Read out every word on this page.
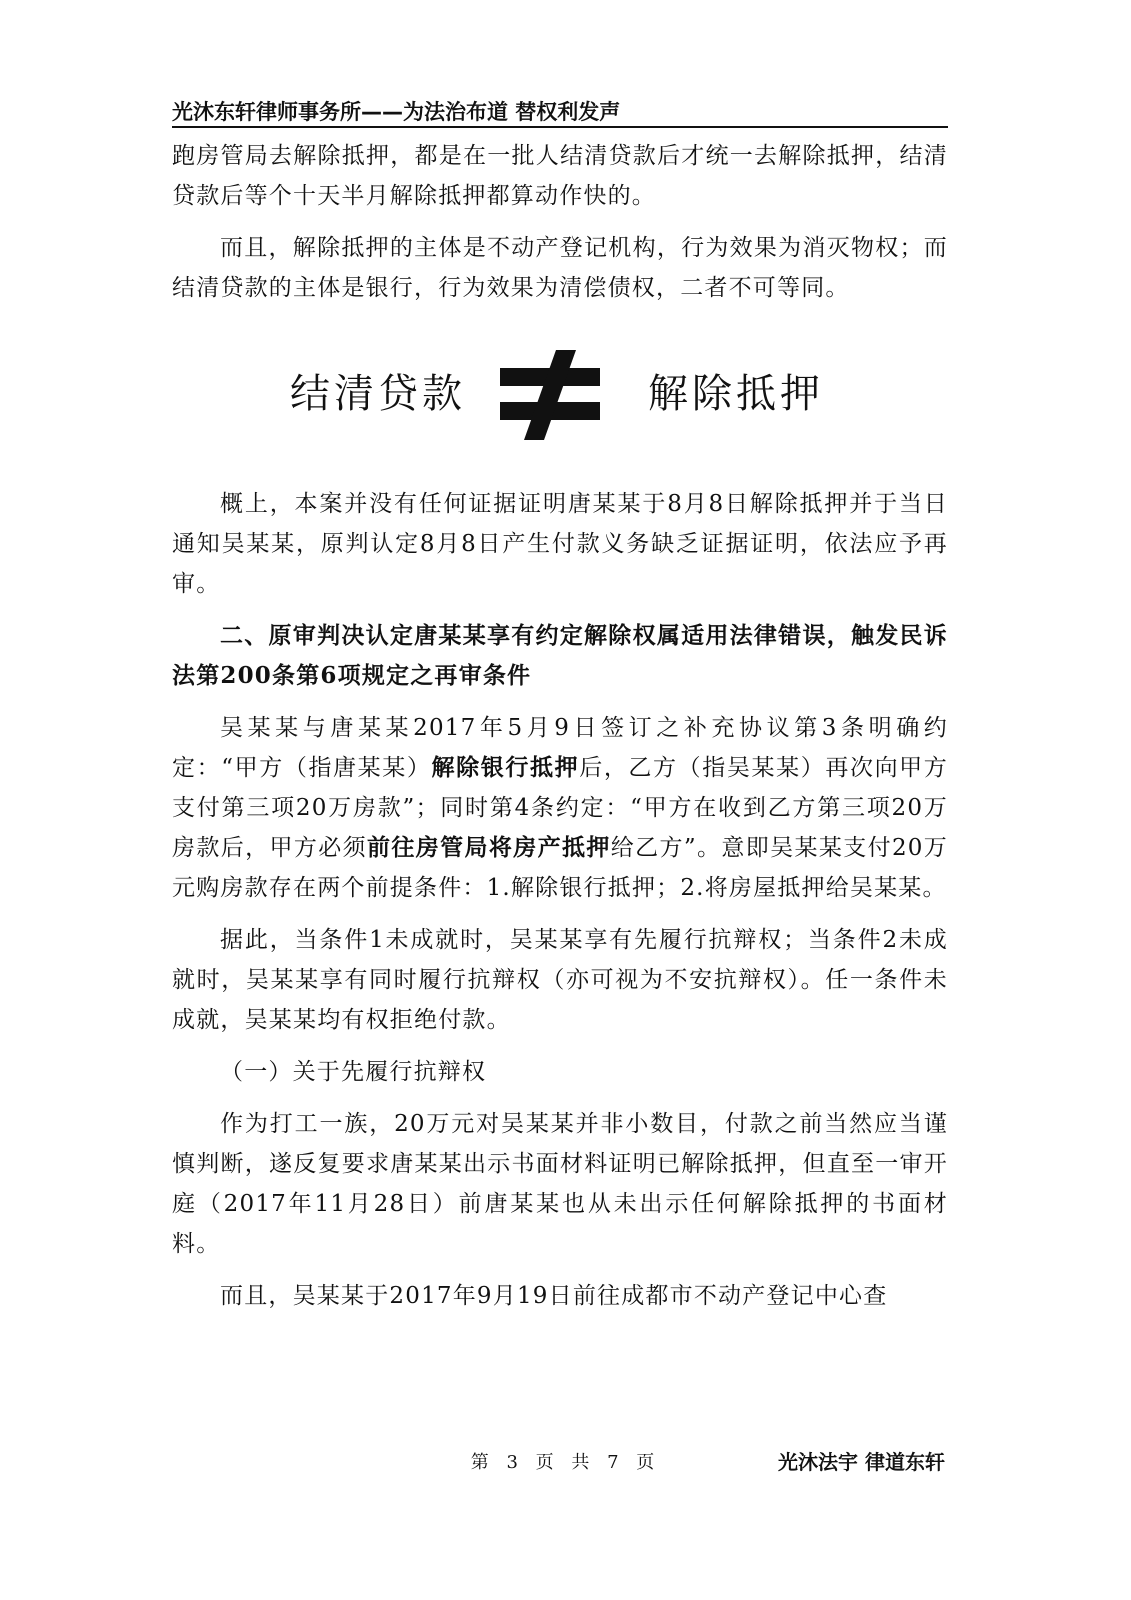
光沐东轩律师事务所——为法治布道 替权利发声

跑房管局去解除抵押，都是在一批人结清贷款后才统一去解除抵押，结清贷款后等个十天半月解除抵押都算动作快的。

而且，解除抵押的主体是不动产登记机构，行为效果为消灭物权；而结清贷款的主体是银行，行为效果为清偿债权，二者不可等同。

结清贷款	解除抵押

概上，本案并没有任何证据证明唐某某于8月8日解除抵押并于当日通知吴某某，原判认定8月8日产生付款义务缺乏证据证明，依法应予再审。

二、原审判决认定唐某某享有约定解除权属适用法律错误，触发民诉法第200条第6项规定之再审条件

吴某某与唐某某2017年5月9日签订之补充协议第3条明确约定：“甲方（指唐某某）解除银行抵押后，乙方（指吴某某）再次向甲方支付第三项20万房款”；同时第4条约定：“甲方在收到乙方第三项20万房款后，甲方必须前往房管局将房产抵押给乙方”。意即吴某某支付20万元购房款存在两个前提条件：1.解除银行抵押；2.将房屋抵押给吴某某。

据此，当条件1未成就时，吴某某享有先履行抗辩权；当条件2未成就时，吴某某享有同时履行抗辩权（亦可视为不安抗辩权）。任一条件未成就，吴某某均有权拒绝付款。

（一）关于先履行抗辩权

作为打工一族，20万元对吴某某并非小数目，付款之前当然应当谨慎判断，遂反复要求唐某某出示书面材料证明已解除抵押，但直至一审开庭（2017年11月28日）前唐某某也从未出示任何解除抵押的书面材料。

而且，吴某某于2017年9月19日前往成都市不动产登记中心查

第 3 页 共 7 页	光沐法宇 律道东轩
